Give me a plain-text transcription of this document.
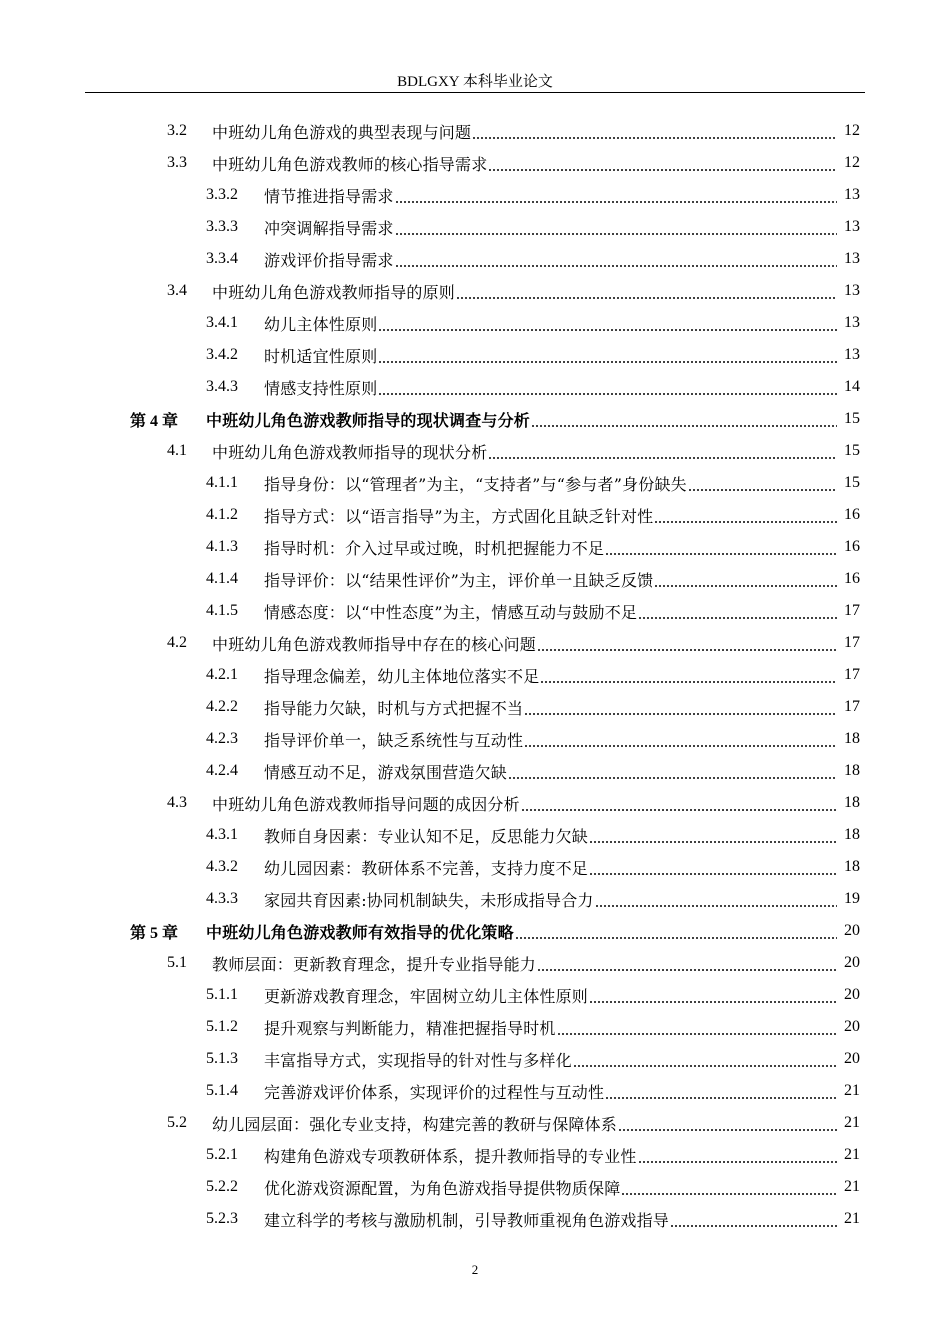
BDLGXY 本科毕业论文
3.2	中班幼儿角色游戏的典型表现与问题	12
3.3	中班幼儿角色游戏教师的核心指导需求	12
3.3.2	情节推进指导需求	13
3.3.3	冲突调解指导需求	13
3.3.4	游戏评价指导需求	13
3.4	中班幼儿角色游戏教师指导的原则	13
3.4.1	幼儿主体性原则	13
3.4.2	时机适宜性原则	13
3.4.3	情感支持性原则	14
第 4 章	中班幼儿角色游戏教师指导的现状调查与分析	15
4.1	中班幼儿角色游戏教师指导的现状分析	15
4.1.1	指导身份：以“管理者”为主，“支持者”与“参与者”身份缺失	15
4.1.2	指导方式：以“语言指导”为主，方式固化且缺乏针对性	16
4.1.3	指导时机：介入过早或过晚，时机把握能力不足	16
4.1.4	指导评价：以“结果性评价”为主，评价单一且缺乏反馈	16
4.1.5	情感态度：以“中性态度”为主，情感互动与鼓励不足	17
4.2	中班幼儿角色游戏教师指导中存在的核心问题	17
4.2.1	指导理念偏差，幼儿主体地位落实不足	17
4.2.2	指导能力欠缺，时机与方式把握不当	17
4.2.3	指导评价单一，缺乏系统性与互动性	18
4.2.4	情感互动不足，游戏氛围营造欠缺	18
4.3	中班幼儿角色游戏教师指导问题的成因分析	18
4.3.1	教师自身因素：专业认知不足，反思能力欠缺	18
4.3.2	幼儿园因素：教研体系不完善，支持力度不足	18
4.3.3	家园共育因素:协同机制缺失，未形成指导合力	19
第 5 章	中班幼儿角色游戏教师有效指导的优化策略	20
5.1	教师层面：更新教育理念，提升专业指导能力	20
5.1.1	更新游戏教育理念，牢固树立幼儿主体性原则	20
5.1.2	提升观察与判断能力，精准把握指导时机	20
5.1.3	丰富指导方式，实现指导的针对性与多样化	20
5.1.4	完善游戏评价体系，实现评价的过程性与互动性	21
5.2	幼儿园层面：强化专业支持，构建完善的教研与保障体系	21
5.2.1	构建角色游戏专项教研体系，提升教师指导的专业性	21
5.2.2	优化游戏资源配置，为角色游戏指导提供物质保障	21
5.2.3	建立科学的考核与激励机制，引导教师重视角色游戏指导	21
2
